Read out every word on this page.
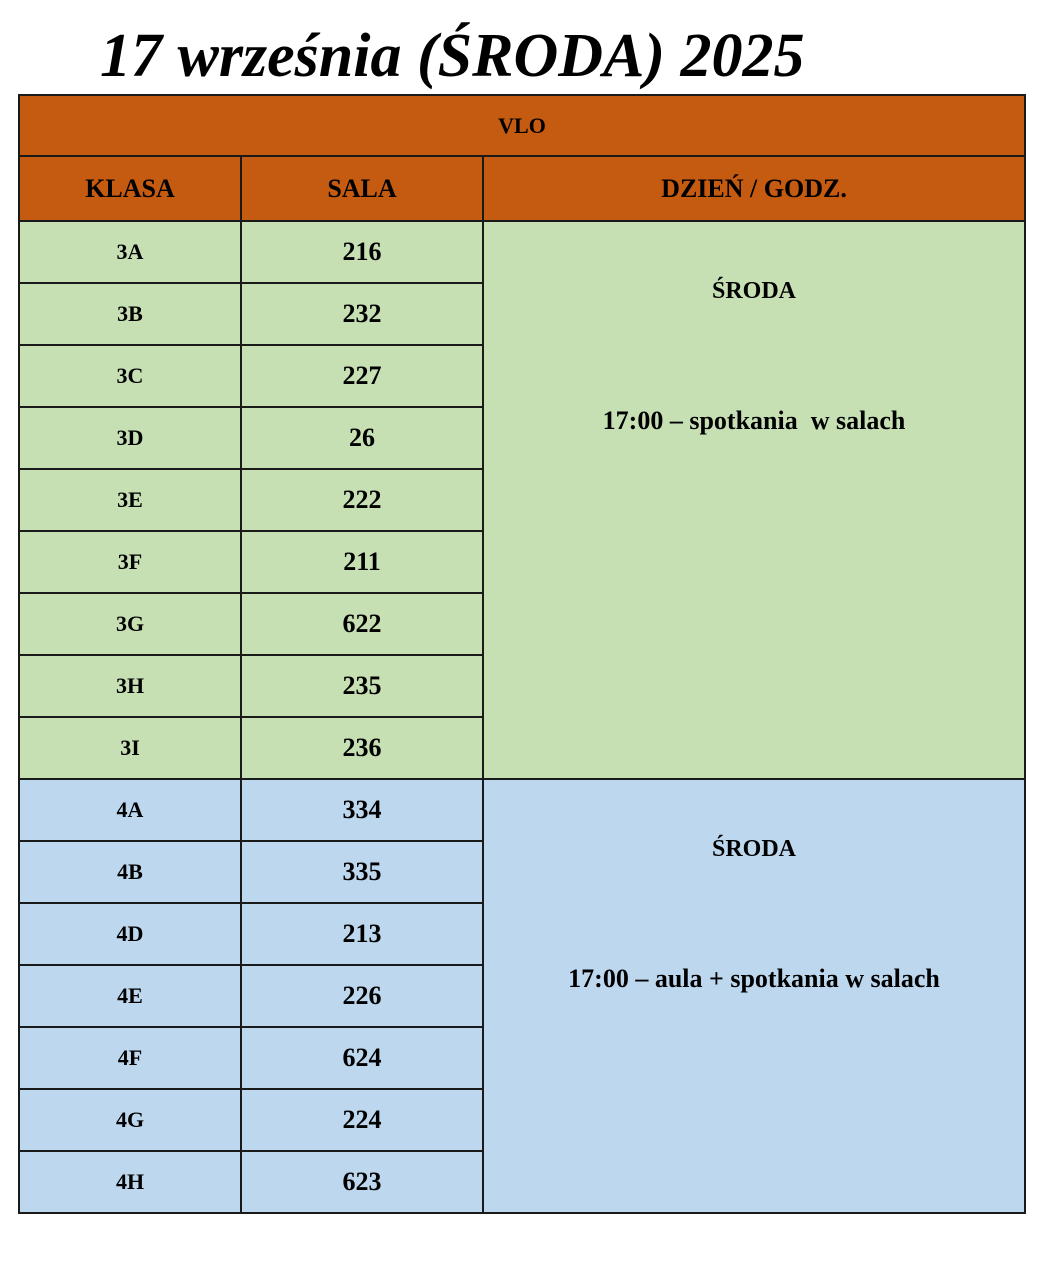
17 września (ŚRODA) 2025
VLO		
KLASA	SALA	DZIEŃ / GODZ.
3A	216	ŚRODA
17:00 – spotkania  w salach

3B	232	
3C	227	
3D	26	
3E	222	
3F	211	
3G	622	
3H	235	
3I	236	
4A	334	ŚRODA
17:00 – aula + spotkania w salach

4B	335	
4D	213	
4E	226	
4F	624	
4G	224	
4H	623	
